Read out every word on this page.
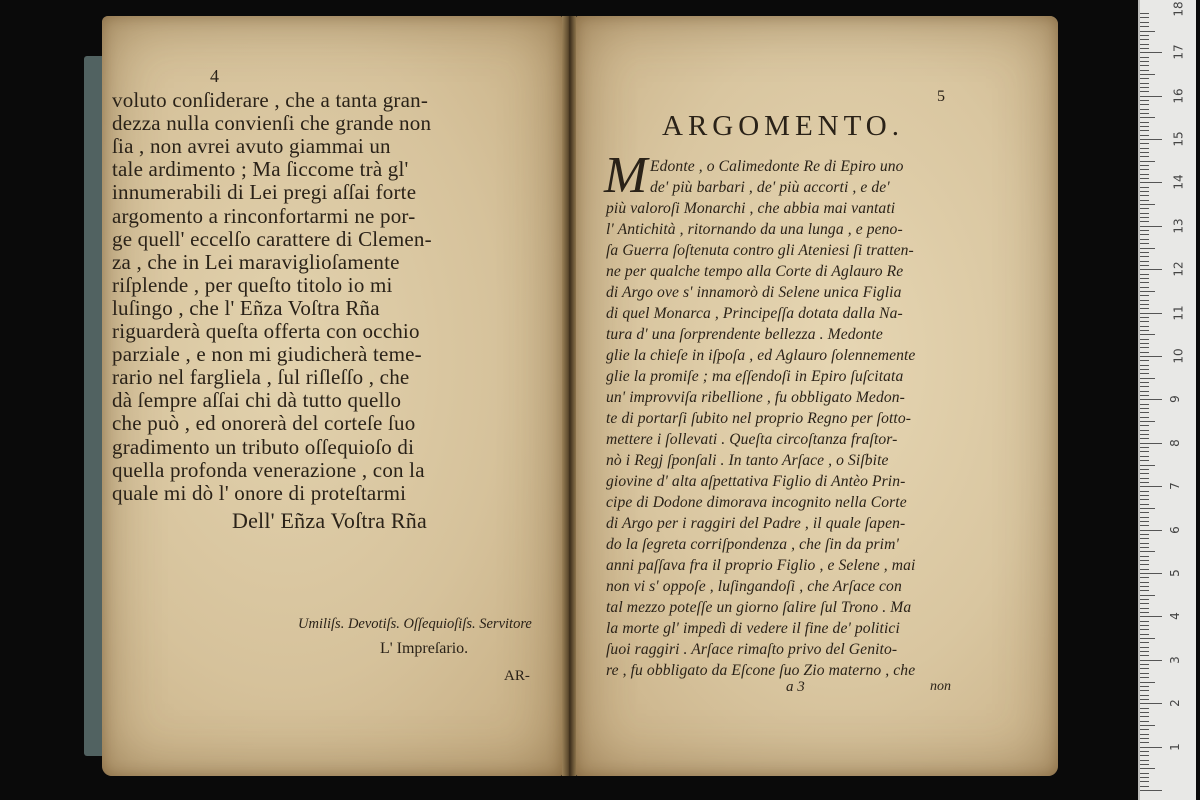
4
voluto conſiderare , che a tanta gran-
dezza nulla convienſi che grande non
ſia , non avrei avuto giammai un
tale ardimento ; Ma ſiccome trà gl'
innumerabili di Lei pregi aſſai forte
argomento a rinconfortarmi ne por-
ge quell' eccelſo carattere di Clemen-
za , che in Lei maraviglioſamente
riſplende , per queſto titolo io mi
luſingo , che l' Eñza Voſtra Rña
riguarderà queſta offerta con occhio
parziale , e non mi giudicherà teme-
rario nel fargliela , ſul riſleſſo , che
dà ſempre aſſai chi dà tutto quello
che può , ed onorerà del corteſe ſuo
gradimento un tributo oſſequioſo di
quella profonda venerazione , con la
quale mi dò l' onore di proteſtarmi
Dell' Eñza Voſtra Rña
Umiliſs. Devotiſs. Oſſequioſiſs. Servitore
L' Impreſario.
AR-
5
ARGOMENTO.
M Edonte , o Calimedonte Re di Epiro uno
de' più barbari , de' più accorti , e de'
più valoroſi Monarchi , che abbia mai vantati
l' Antichità , ritornando da una lunga , e peno-
ſa Guerra ſoſtenuta contro gli Ateniesi ſi tratten-
ne per qualche tempo alla Corte di Aglauro Re
di Argo ove s' innamorò di Selene unica Figlia
di quel Monarca , Principeſſa dotata dalla Na-
tura d' una ſorprendente bellezza . Medonte
glie la chieſe in iſpoſa , ed Aglauro ſolennemente
glie la promiſe ; ma eſſendoſi in Epiro ſuſcitata
un' improvviſa ribellione , fu obbligato Medon-
te di portarſi ſubito nel proprio Regno per ſotto-
mettere i ſollevati . Queſta circoſtanza fraſtor-
nò i Regj ſponſali . In tanto Arſace , o Siſbite
giovine d' alta aſpettativa Figlio di Antèo Prin-
cipe di Dodone dimorava incognito nella Corte
di Argo per i raggiri del Padre , il quale ſapen-
do la ſegreta corriſpondenza , che ſin da prim'
anni paſſava fra il proprio Figlio , e Selene , mai
non vi s' oppoſe , luſingandoſi , che Arſace con
tal mezzo poteſſe un giorno ſalire ſul Trono . Ma
la morte gl' impedì di vedere il fine de' politici
ſuoi raggiri . Arſace rimaſto privo del Genito-
re , fu obbligato da Eſcone ſuo Zio materno , che
a 3	non
1
2
3
4
5
6
7
8
9
10
11
12
13
14
15
16
17
18
